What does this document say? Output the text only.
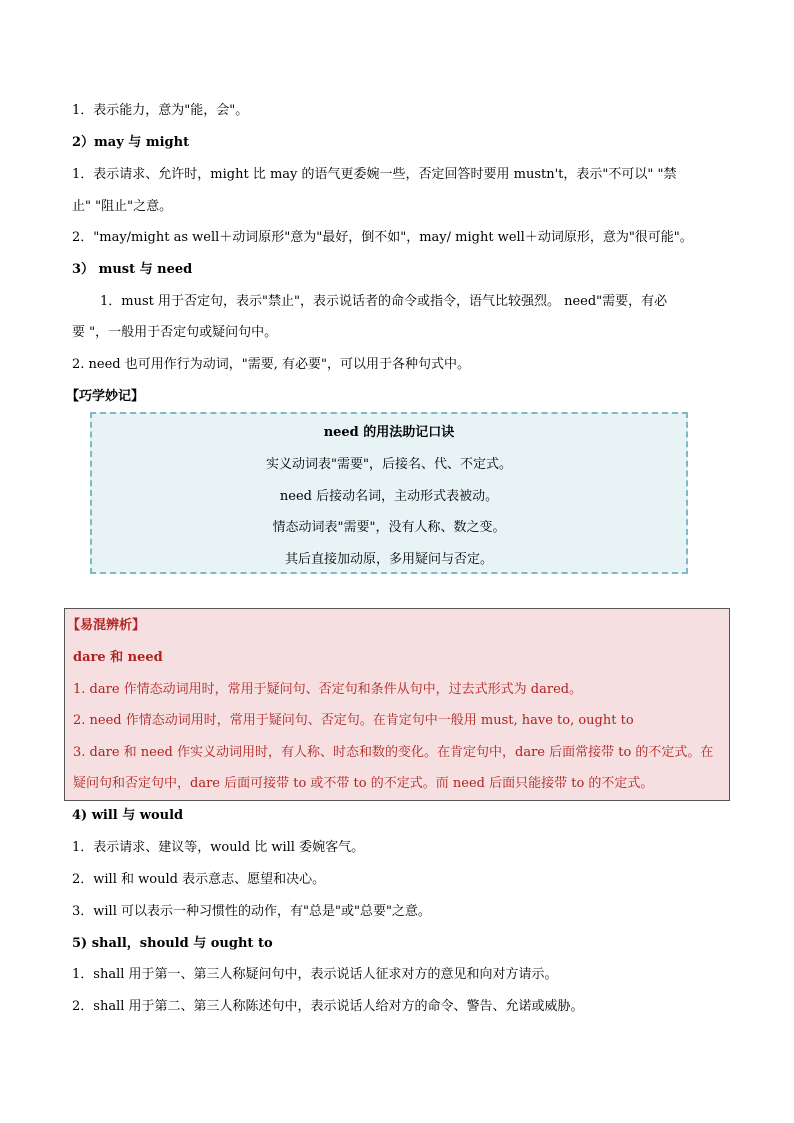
1．表示能力，意为"能，会"。
2）may 与 might
1．表示请求、允许时，might 比 may 的语气更委婉一些，否定回答时要用 mustn't，表示"不可以" "禁
止" "阻止"之意。
2．"may/might as well＋动词原形"意为"最好，倒不如"，may/ might well＋动词原形，意为"很可能"。
3） must 与 need
1．must 用于否定句，表示"禁止"，表示说话者的命令或指令，语气比较强烈。 need"需要，有必
要 "，一般用于否定句或疑问句中。
2. need 也可用作行为动词，"需要, 有必要"，可以用于各种句式中。
【巧学妙记】
need 的用法助记口诀
实义动词表"需要"，后接名、代、不定式。
need 后接动名词，主动形式表被动。
情态动词表"需要"，没有人称、数之变。
其后直接加动原，多用疑问与否定。
【易混辨析】
dare 和 need
1. dare 作情态动词用时，常用于疑问句、否定句和条件从句中，过去式形式为 dared。
2. need 作情态动词用时，常用于疑问句、否定句。在肯定句中一般用 must, have to, ought to
3. dare 和 need 作实义动词用时，有人称、时态和数的变化。在肯定句中，dare 后面常接带 to 的不定式。在
疑问句和否定句中，dare 后面可接带 to 或不带 to 的不定式。而 need 后面只能接带 to 的不定式。
4) will 与 would
1．表示请求、建议等，would 比 will 委婉客气。
2．will 和 would 表示意志、愿望和决心。
3．will 可以表示一种习惯性的动作，有"总是"或"总要"之意。
5) shall，should 与 ought to
1．shall 用于第一、第三人称疑问句中，表示说话人征求对方的意见和向对方请示。
2．shall 用于第二、第三人称陈述句中，表示说话人给对方的命令、警告、允诺或威胁。
